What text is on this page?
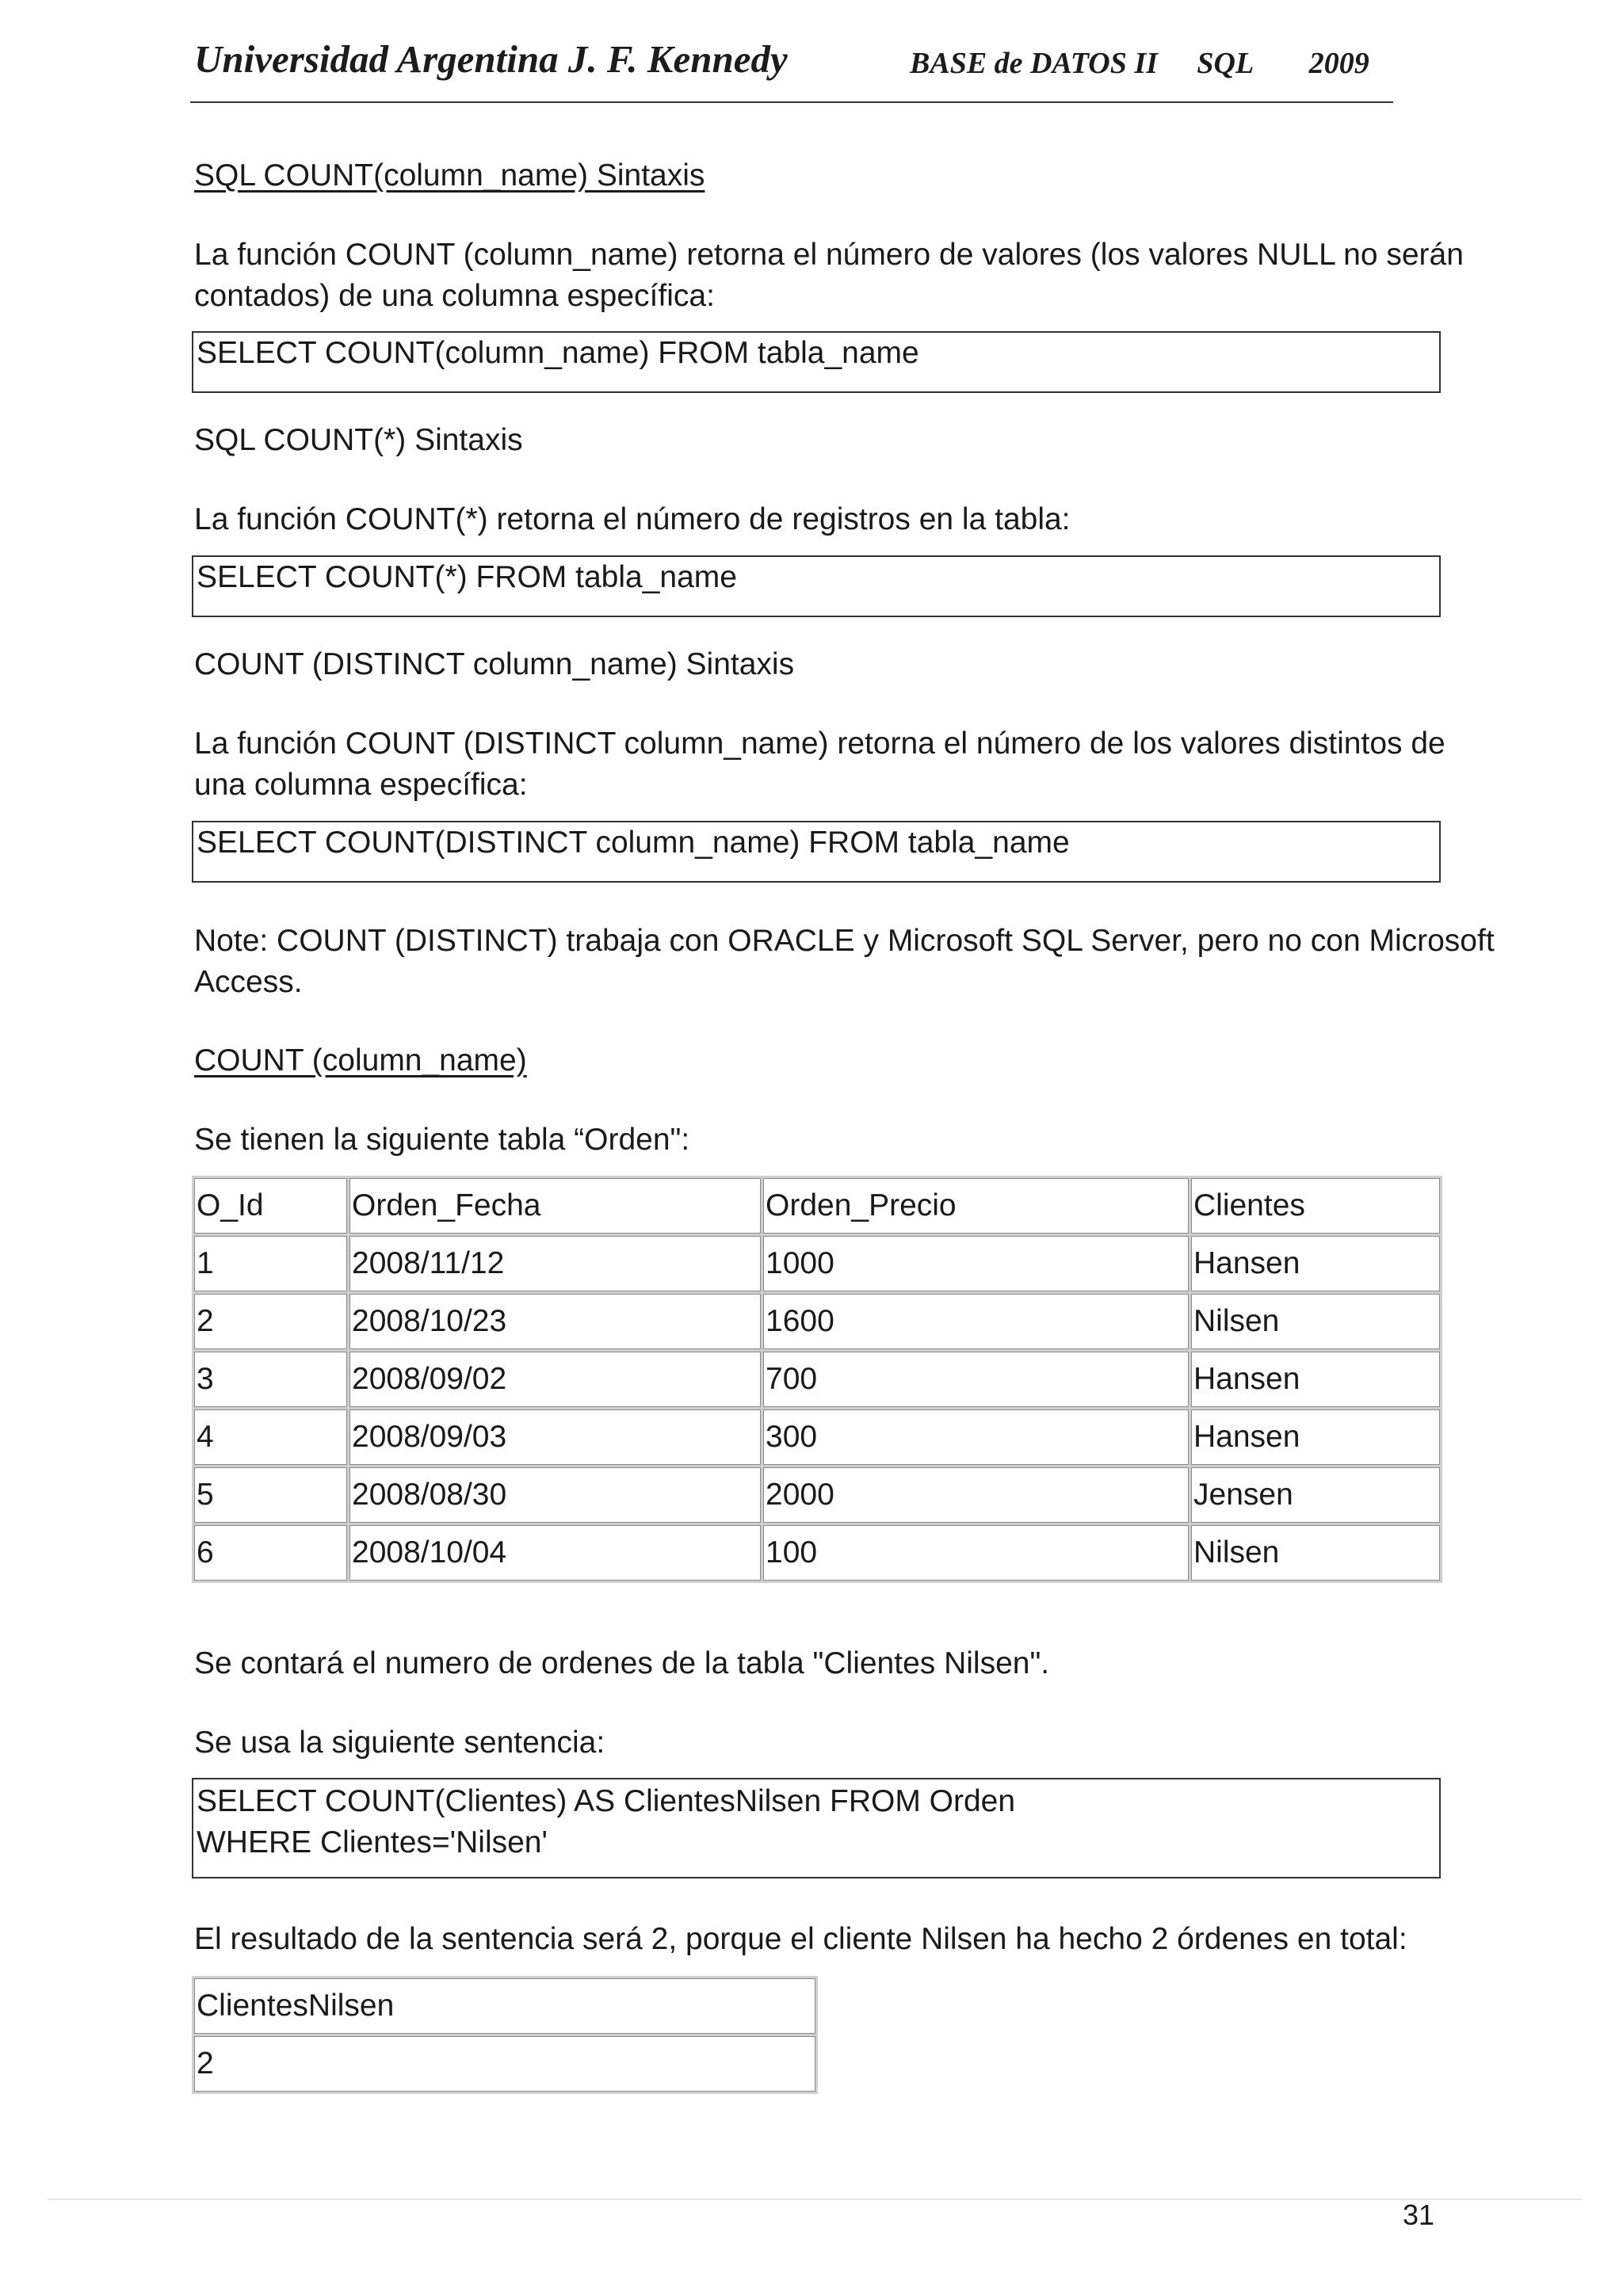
Universidad Argentina J. F. Kennedy	BASE de DATOS II SQL 2009
SQL COUNT(column_name) Sintaxis
La función COUNT (column_name) retorna el número de valores (los valores NULL no serán
contados) de una columna específica:
SELECT COUNT(column_name) FROM tabla_name
SQL COUNT(*) Sintaxis
La función COUNT(*) retorna el número de registros en la tabla:
SELECT COUNT(*) FROM tabla_name
COUNT (DISTINCT column_name) Sintaxis
La función COUNT (DISTINCT column_name) retorna el número de los valores distintos de
una columna específica:
SELECT COUNT(DISTINCT column_name) FROM tabla_name
Note: COUNT (DISTINCT) trabaja con ORACLE y Microsoft SQL Server, pero no con Microsoft
Access.
COUNT (column_name)
Se tienen la siguiente tabla “Orden":
O_Id	Orden_Fecha	Orden_Precio	Clientes
1	2008/11/12	1000	Hansen
2	2008/10/23	1600	Nilsen
3	2008/09/02	700	Hansen
4	2008/09/03	300	Hansen
5	2008/08/30	2000	Jensen
6	2008/10/04	100	Nilsen
Se contará el numero de ordenes de la tabla "Clientes Nilsen".
Se usa la siguiente sentencia:
SELECT COUNT(Clientes) AS ClientesNilsen FROM Orden
WHERE Clientes='Nilsen'
El resultado de la sentencia será 2, porque el cliente Nilsen ha hecho 2 órdenes en total:
ClientesNilsen
2
31
